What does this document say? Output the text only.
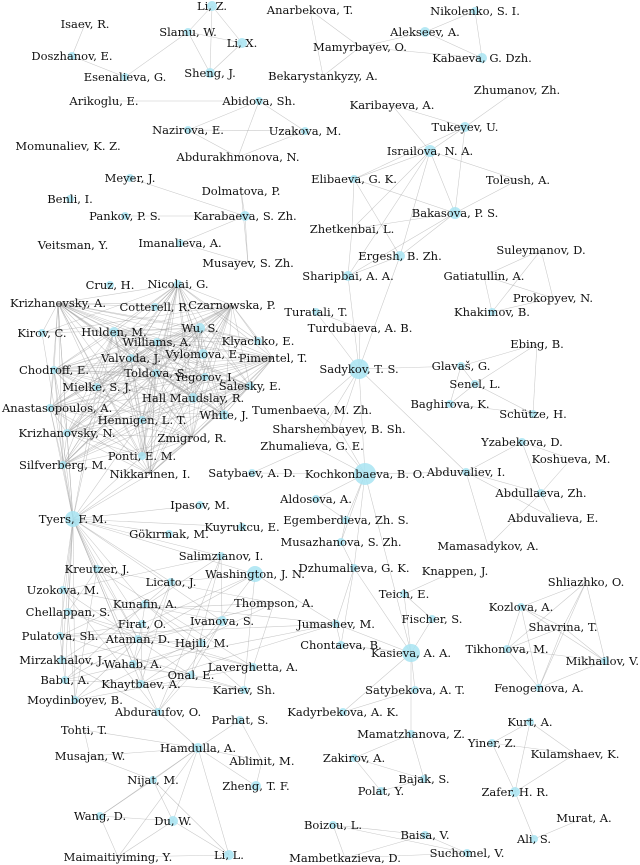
Li, Z.	Anarbekova, T.	Nikolenko, S. I.
Isaev, R.
Slamu, W.	Alekseev, A.
Li, X.	Mamyrbayev, O.
Doszhanov, E.	Kabaeva, G. Dzh.
Esenalieva, G. Sheng, J.	Bekarystankyzy, A.
Zhumanov, Zh.
Arikoglu, E.	Abidova, Sh.	Karibayeva, A.
Tukeyev, U.
Nazirova, E.	Uzakova, M.
Momunaliev, K. Z.	Israilova, N. A.
Abdurakhmonova, N.
Meyer, J.	Elibaeva, G. K.	Toleush, A.
Dolmatova, P.
Benli, I.
Bakasova, P. S.
Pankov, P. S.	Karabaeva, S. Zh.
Zhetkenbai, L.
Ergesh, B. Zh.
Veitsman, Y.	Imanalieva, A.	Suleymanov, D.
Musayev, S. Zh.
Sharipbai, A. A.	Gatiatullin, A.
Cruz, H. Nicolai, G.
Krizhanovsky, A. Cotterell, R.
Czarnowska, P.	Prokopyev, N.
Turatali, T.	Khakimov, B.
Wu, S.
Kirov, C. Hulden, M.	Turdubaeva, A. B.
Williams, A.	Klyachko, E.	Ebing, B.
Chodroff, E.
Valvoda, J. Vylomova, E.
Pimentel, T.
Sadykov, T. S.	Glavaš, G.
Toldova, S.
Mielke, S. J.
Yegorov, I.	Senel, L.
Salesky, E.
Hall Maudslay, R.
Anastasopoulos, A.	Baghirova, K.
Schütze, H.
Hennigen, L. T. White, J. Tumenbaeva, M. Zh.
Krizhanovsky, N.	Sharshembayev, B. Sh.
Zmigrod, R.	Yzabekova, D.
Zhumalieva, G. E.
Ponti, E. M.	Koshueva, M.
Silfverberg, M.
Satybaev, A. D. Kochkonbaeva, B. O. Abduvaliev, I.
Nikkarinen, I.
Abdullaeva, Zh.
Aldosova, A.
Ipasov, M.
Abduvalieva, E.
Tyers, F. M.
Kuyrukcu, E. Egemberdieva, Zh. S.
Gökırmak, M.
Musazhanova, S. Zh.	Mamasadykov, A.
Salimzianov, I.
Kreutzer, J.	Dzhumalieva, G. K. Knappen, J.
Washington, J. N.
Licato, J.	Shliazhko, O.
Uzokova, M.	Teich, E.
Kunafin, A.	Thompson, A.	Kozlova, A.
Chellappan, S.	Fischer, S.
Firat, O. Ivanova, S.	Shavrina, T.
Jumashev, M.
Pulatova, Sh. Ataman, D. Hajili, M.	Tikhonova, M.
Chontaeva, B.
Kasieva, A. A.
Mikhailov, V.
Mirzakhalov, J.
Wahab, A.	Laverghetta, A.
Babu, A.	Onal, E.
Khaytbaev, A.	Fenogenova, A.
Moydinboyev, B.
Kariev, Sh.	Satybekova, A. T.
Abduraufov, O.	Kadyrbekova, A. K.
Parhat, S.	Kurt, A.
Tohti, T.	Mamatzhanova, Z.
Hamdulla, A.	Yiner, Z.
Ablimit, M.
Musajan, W.	Kulamshaev, K.
Zakirov, A.
Nijat, M.	Bajak, S.
Zheng, T. F.	Polat, Y.	Zafer, H. R.
Wang, D. Du, W.	Murat, A.
Boizou, L.
Ali, S.
Baisa, V.
Maimaitiyiming, Y.	Li, L.	Mambetkazieva, D. Suchomel, V.
